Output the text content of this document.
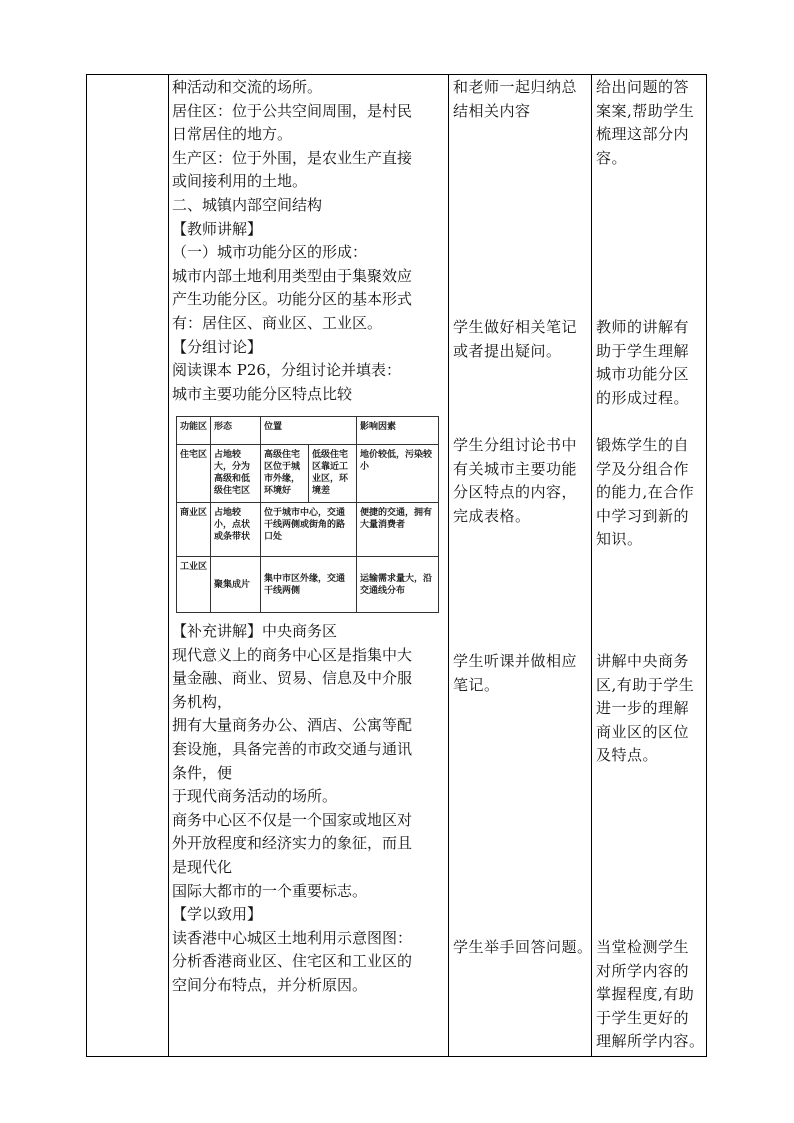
种活动和交流的场所。
居住区：位于公共空间周围，是村民
日常居住的地方。
生产区：位于外围，是农业生产直接
或间接利用的土地。
二、城镇内部空间结构
【教师讲解】
（一）城市功能分区的形成：
城市内部土地利用类型由于集聚效应
产生功能分区。功能分区的基本形式
有：居住区、商业区、工业区。
【分组讨论】
阅读课本 P26，分组讨论并填表：
城市主要功能分区特点比较
【补充讲解】中央商务区
现代意义上的商务中心区是指集中大
量金融、商业、贸易、信息及中介服
务机构，
拥有大量商务办公、酒店、公寓等配
套设施，具备完善的市政交通与通讯
条件，便
于现代商务活动的场所。
商务中心区不仅是一个国家或地区对
外开放程度和经济实力的象征，而且
是现代化
国际大都市的一个重要标志。
【学以致用】
读香港中心城区土地利用示意图图：
分析香港商业区、住宅区和工业区的
空间分布特点，并分析原因。
功能区	形态	位置		影响因素
住宅区	占地较大，分为高级和低级住宅区	高级住宅区位于城市外缘，环境好	低级住宅区靠近工业区，环境差	地价较低，污染较小
商业区	占地较小，点状或条带状	位于城市中心，交通干线两侧或街角的路口处		便捷的交通，拥有大量消费者
工业区	聚集成片	集中市区外缘，交通干线两侧		运输需求量大，沿交通线分布
和老师一起归纳总
结相关内容
学生做好相关笔记
或者提出疑问。
学生分组讨论书中
有关城市主要功能
分区特点的内容，
完成表格。
学生听课并做相应
笔记。
学生举手回答问题。
给出问题的答
案案,帮助学生
梳理这部分内
容。
教师的讲解有
助于学生理解
城市功能分区
的形成过程。
锻炼学生的自
学及分组合作
的能力,在合作
中学习到新的
知识。
讲解中央商务
区,有助于学生
进一步的理解
商业区的区位
及特点。
当堂检测学生
对所学内容的
掌握程度,有助
于学生更好的
理解所学内容。
